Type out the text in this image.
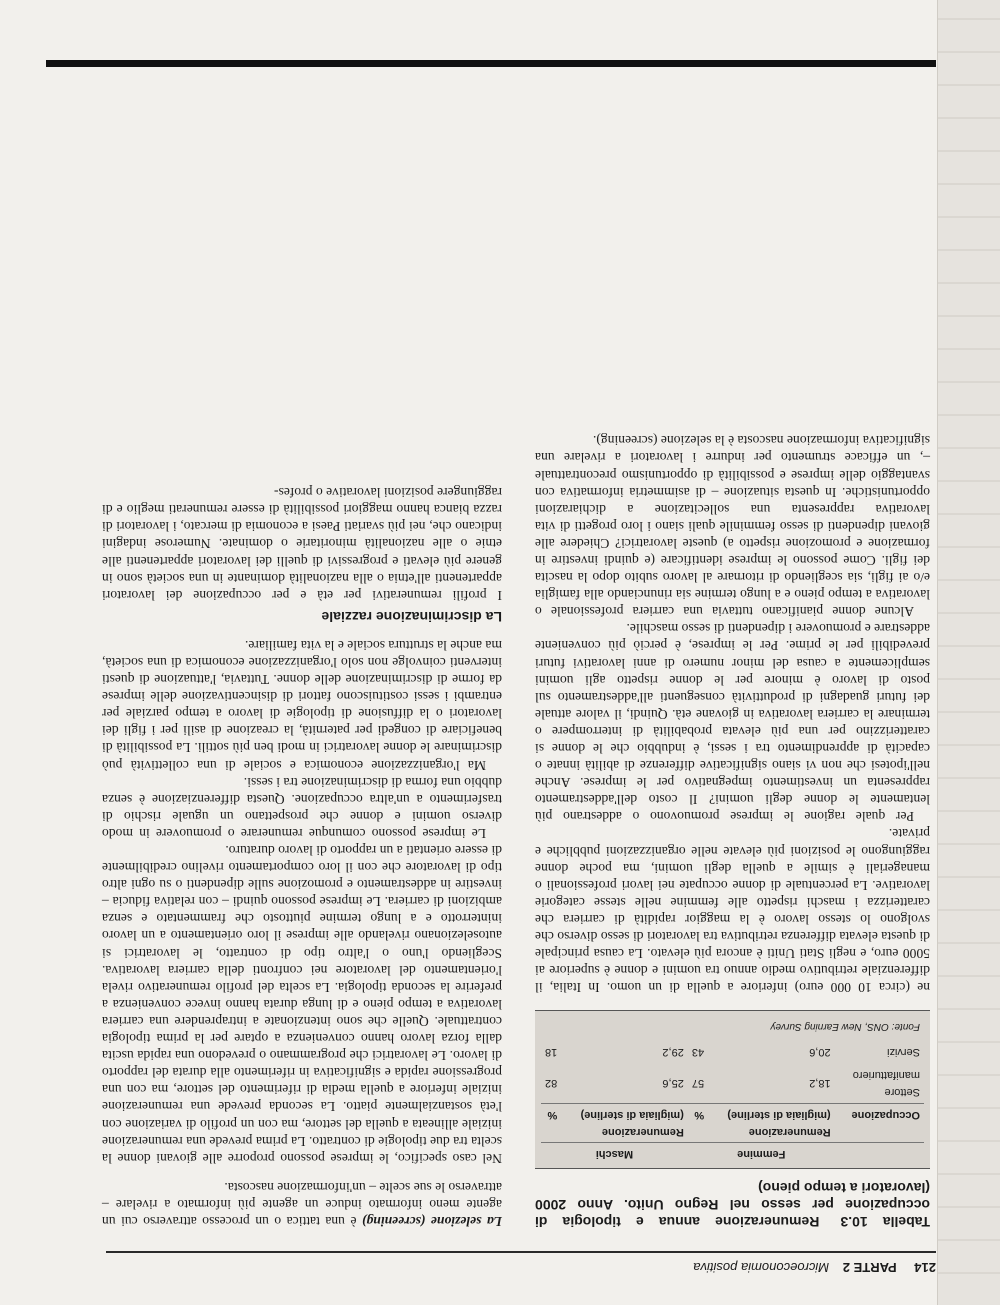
214 PARTE 2 Microeconomia positiva
Tabella 10.3 Remunerazione annua e tipologia di occupazione per sesso nel Regno Unito. Anno 2000 (lavoratori a tempo pieno)
	Femmine		Maschi	
Occupazione	Remunerazione (migliaia di sterline)	%	Remunerazione (migliaia di sterline)	%
Settore manifatturiero	18,2	57	25,6	82
Servizi	20,6	43	29,2	18
Fonte: ONS, New Earning Survey				

ne (circa 10 000 euro) inferiore a quella di un uomo. In Italia, il differenziale retributivo medio annuo tra uomini e donne è superiore ai 5000 euro, e negli Stati Uniti è ancora più elevato. La causa principale di questa elevata differenza retributiva tra lavoratori di sesso diverso che svolgono lo stesso lavoro è la maggior rapidità di carriera che caratterizza i maschi rispetto alle femmine nelle stesse categorie lavorative. La percentuale di donne occupate nei lavori professionali o manageriali è simile a quella degli uomini, ma poche donne raggiungono le posizioni più elevate nelle organizzazioni pubbliche e private.

Per quale ragione le imprese promuovono o addestrano più lentamente le donne degli uomini? Il costo dell'addestramento rappresenta un investimento impegnativo per le imprese. Anche nell'ipotesi che non vi siano significative differenze di abilità innate o capacità di apprendimento tra i sessi, è indubbio che le donne si caratterizzino per una più elevata probabilità di interrompere o terminare la carriera lavorativa in giovane età. Quindi, il valore attuale dei futuri guadagni di produttività conseguenti all'addestramento sul posto di lavoro è minore per le donne rispetto agli uomini semplicemente a causa del minor numero di anni lavorativi futuri prevedibili per le prime. Per le imprese, è perciò più conveniente addestrare e promuovere i dipendenti di sesso maschile.

Alcune donne pianificano tuttavia una carriera professionale o lavorativa a tempo pieno e a lungo termine sia rinunciando alla famiglia e/o ai figli, sia scegliendo di ritornare al lavoro subito dopo la nascita dei figli. Come possono le imprese identificare (e quindi investire in formazione e promozione rispetto a) queste lavoratrici? Chiedere alle giovani dipendenti di sesso femminile quali siano i loro progetti di vita lavorativa rappresenta una sollecitazione a dichiarazioni opportunistiche. In questa situazione – di asimmetria informativa con svantaggio delle imprese e possibilità di opportunismo precontrattuale –, un efficace strumento per indurre i lavoratori a rivelare una significativa informazione nascosta è la selezione (screening).

La selezione (screening) è una tattica o un processo attraverso cui un agente meno informato induce un agente più informato a rivelare – attraverso le sue scelte – un'informazione nascosta.

Nel caso specifico, le imprese possono proporre alle giovani donne la scelta tra due tipologie di contratto. La prima prevede una remunerazione iniziale allineata a quella del settore, ma con un profilo di variazione con l'età sostanzialmente piatto. La seconda prevede una remunerazione iniziale inferiore a quella media di riferimento del settore, ma con una progressione rapida e significativa in riferimento alla durata del rapporto di lavoro. Le lavoratrici che programmano o prevedono una rapida uscita dalla forza lavoro hanno convenienza a optare per la prima tipologia contrattuale. Quelle che sono intenzionate a intraprendere una carriera lavorativa a tempo pieno e di lunga durata hanno invece convenienza a preferire la seconda tipologia. La scelta del profilo remunerativo rivela l'orientamento del lavoratore nei confronti della carriera lavorativa. Scegliendo l'uno o l'altro tipo di contratto, le lavoratrici si autoselezionano rivelando alle imprese il loro orientamento a un lavoro ininterrotto e a lungo termine piuttosto che frammentato e senza ambizioni di carriera. Le imprese possono quindi – con relativa fiducia – investire in addestramento e promozione sulle dipendenti o su ogni altro tipo di lavoratore che con il loro comportamento rivelino credibilmente di essere orientati a un rapporto di lavoro duraturo.

Le imprese possono comunque remunerare o promuovere in modo diverso uomini e donne che prospettano un uguale rischio di trasferimento a un'altra occupazione. Questa differenziazione è senza dubbio una forma di discriminazione tra i sessi.

Ma l'organizzazione economica e sociale di una collettività può discriminare le donne lavoratrici in modi ben più sottili. La possibilità di beneficiare di congedi per paternità, la creazione di asili per i figli dei lavoratori o la diffusione di tipologie di lavoro a tempo parziale per entrambi i sessi costituiscono fattori di disincentivazione delle imprese da forme di discriminazione delle donne. Tuttavia, l'attuazione di questi interventi coinvolge non solo l'organizzazione economica di una società, ma anche la struttura sociale e la vita familiare.

La discriminazione razziale

I profili remunerativi per età e per occupazione dei lavoratori appartenenti all'etnia o alla nazionalità dominante in una società sono in genere più elevati e progressivi di quelli dei lavoratori appartenenti alle etnie o alle nazionalità minoritarie o dominate. Numerose indagini indicano che, nei più svariati Paesi a economia di mercato, i lavoratori di razza bianca hanno maggiori possibilità di essere remunerati meglio e di raggiungere posizioni lavorative o profes-
